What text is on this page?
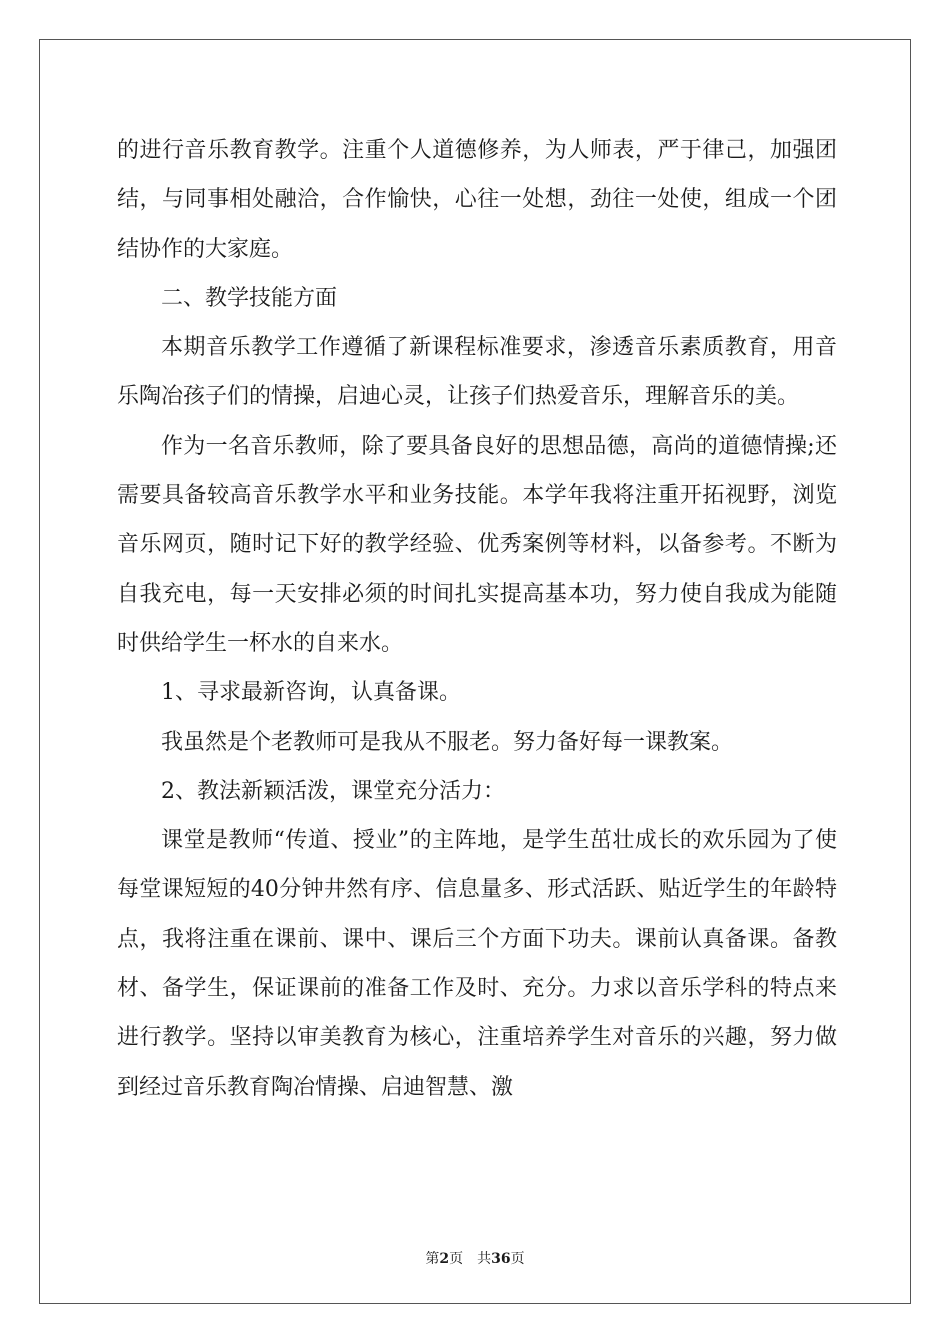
的进行音乐教育教学。注重个人道德修养，为人师表，严于律己，加强团结，与同事相处融洽，合作愉快，心往一处想，劲往一处使，组成一个团结协作的大家庭。

二、教学技能方面

本期音乐教学工作遵循了新课程标准要求，渗透音乐素质教育，用音乐陶冶孩子们的情操，启迪心灵，让孩子们热爱音乐，理解音乐的美。

作为一名音乐教师，除了要具备良好的思想品德，高尚的道德情操;还需要具备较高音乐教学水平和业务技能。本学年我将注重开拓视野，浏览音乐网页，随时记下好的教学经验、优秀案例等材料，以备参考。不断为自我充电，每一天安排必须的时间扎实提高基本功，努力使自我成为能随时供给学生一杯水的自来水。

1、寻求最新咨询，认真备课。

我虽然是个老教师可是我从不服老。努力备好每一课教案。

2、教法新颖活泼，课堂充分活力：

课堂是教师“传道、授业”的主阵地，是学生茁壮成长的欢乐园为了使每堂课短短的40分钟井然有序、信息量多、形式活跃、贴近学生的年龄特点，我将注重在课前、课中、课后三个方面下功夫。课前认真备课。备教材、备学生，保证课前的准备工作及时、充分。力求以音乐学科的特点来进行教学。坚持以审美教育为核心，注重培养学生对音乐的兴趣，努力做到经过音乐教育陶冶情操、启迪智慧、激

第2页 共36页
